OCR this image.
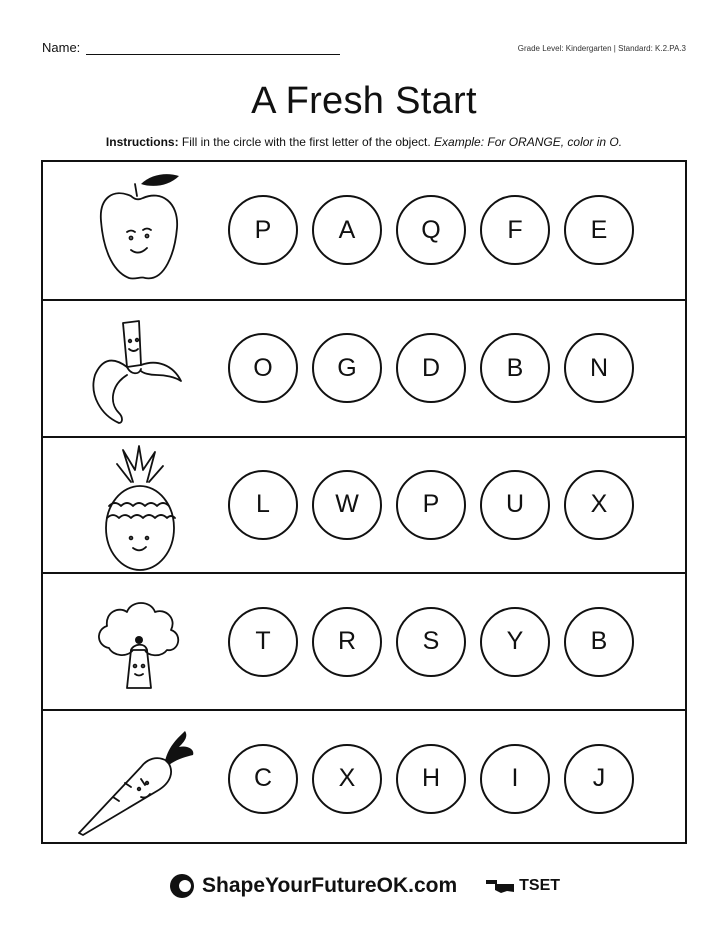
Name:	Grade Level: Kindergarten | Standard: K.2.PA.3
A Fresh Start
Instructions: Fill in the circle with the first letter of the object. Example: For ORANGE, color in O.
P	A	Q	F	E
O	G	D	B	N
L	W	P	U	X
T	R	S	Y	B
C	X	H	I	J
ShapeYourFutureOK.com	TSET
